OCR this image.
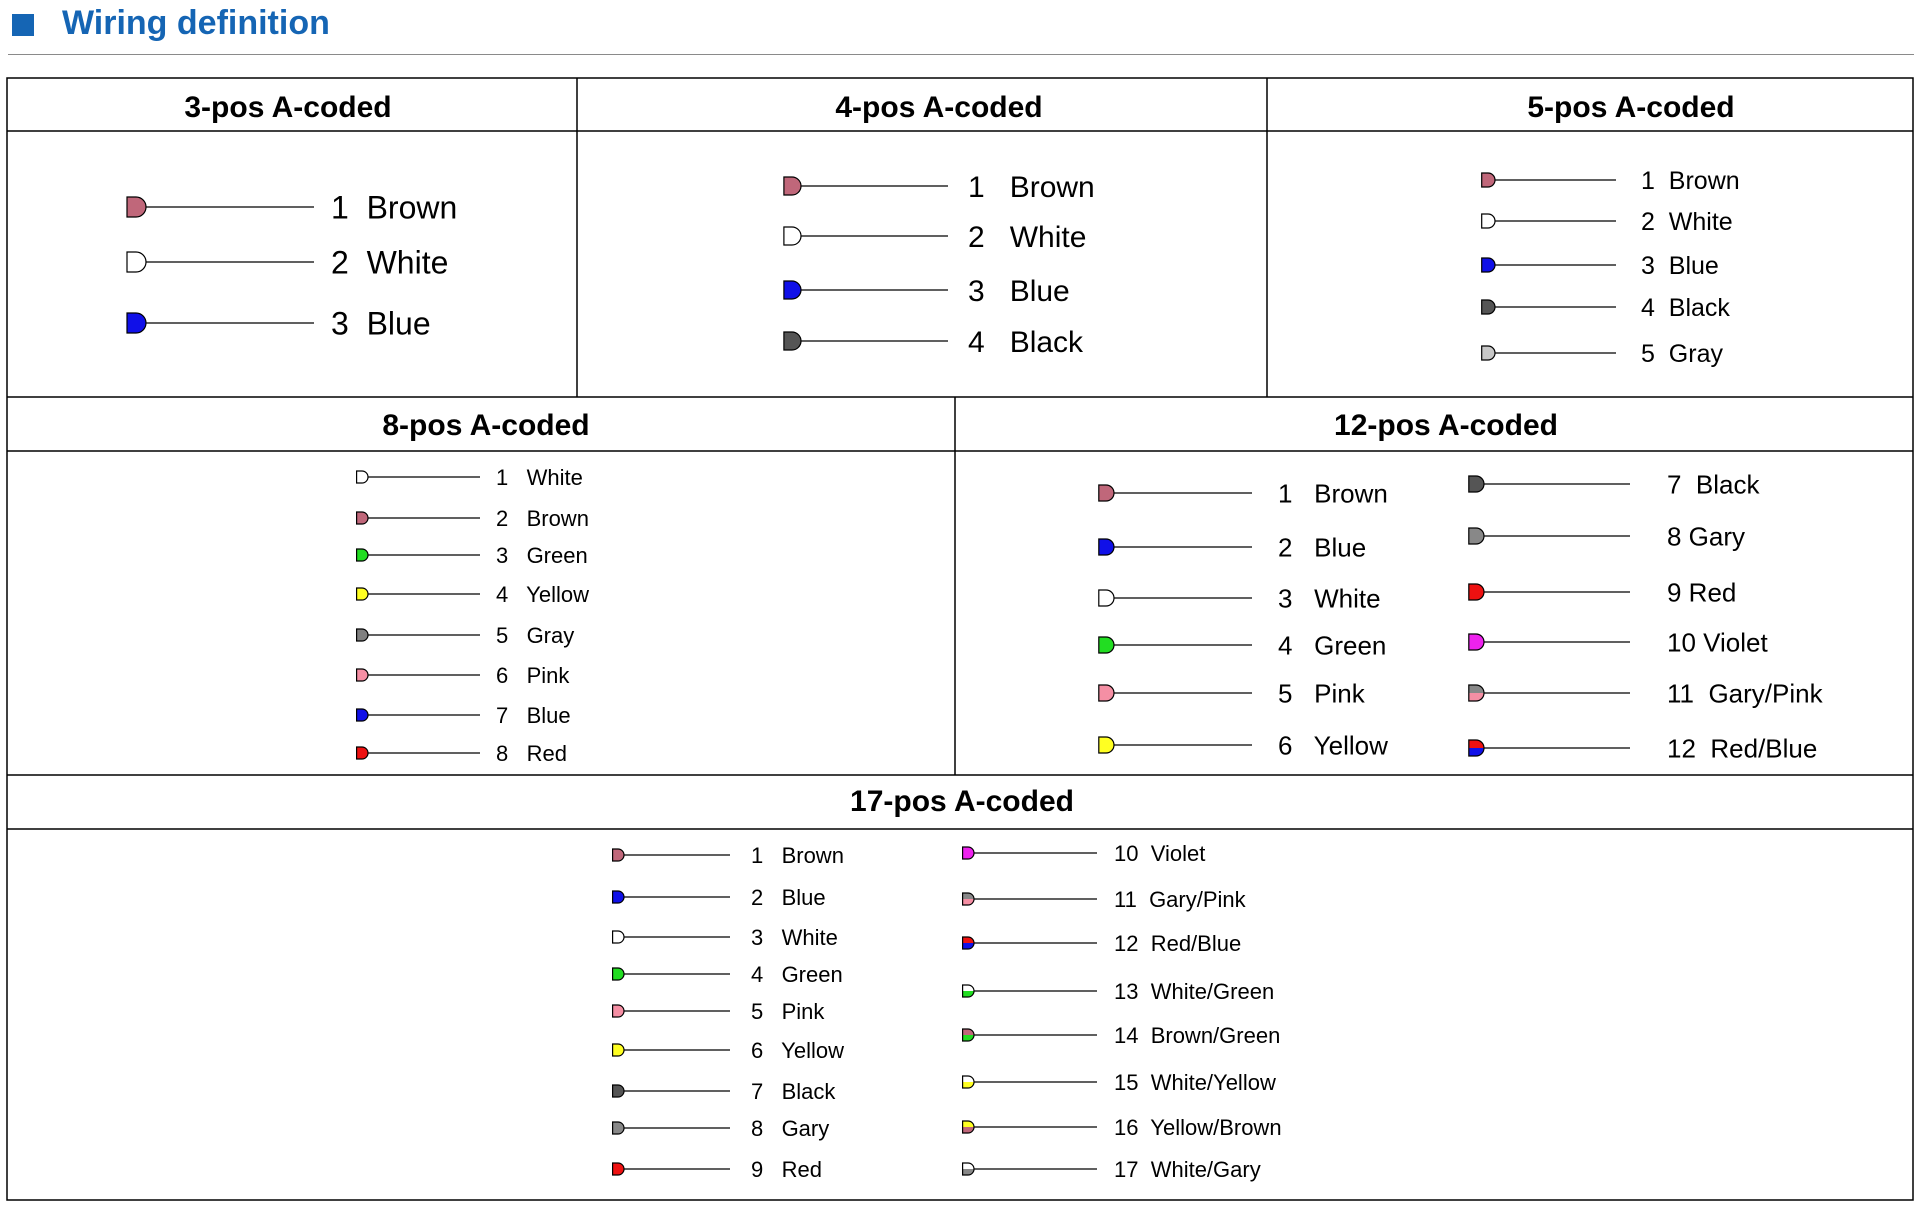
Wiring definition
3-pos A-coded	4-pos A-coded	5-pos A-coded
8-pos A-coded	12-pos A-coded
17-pos A-coded
1  Brown
2  White
3  Blue
1   Brown
2   White
3   Blue
4   Black
1  Brown
2  White
3  Blue
4  Black
5  Gray
1   White
2   Brown
3   Green
4   Yellow
5   Gray
6   Pink
7   Blue
8   Red
1   Brown
2   Blue
3   White
4   Green
5   Pink
6   Yellow
7  Black
8 Gary
9 Red
10 Violet
11  Gary/Pink
12  Red/Blue
1   Brown
2   Blue
3   White
4   Green
5   Pink
6   Yellow
7   Black
8   Gary
9   Red
10  Violet
11  Gary/Pink
12  Red/Blue
13  White/Green
14  Brown/Green
15  White/Yellow
16  Yellow/Brown
17  White/Gary
